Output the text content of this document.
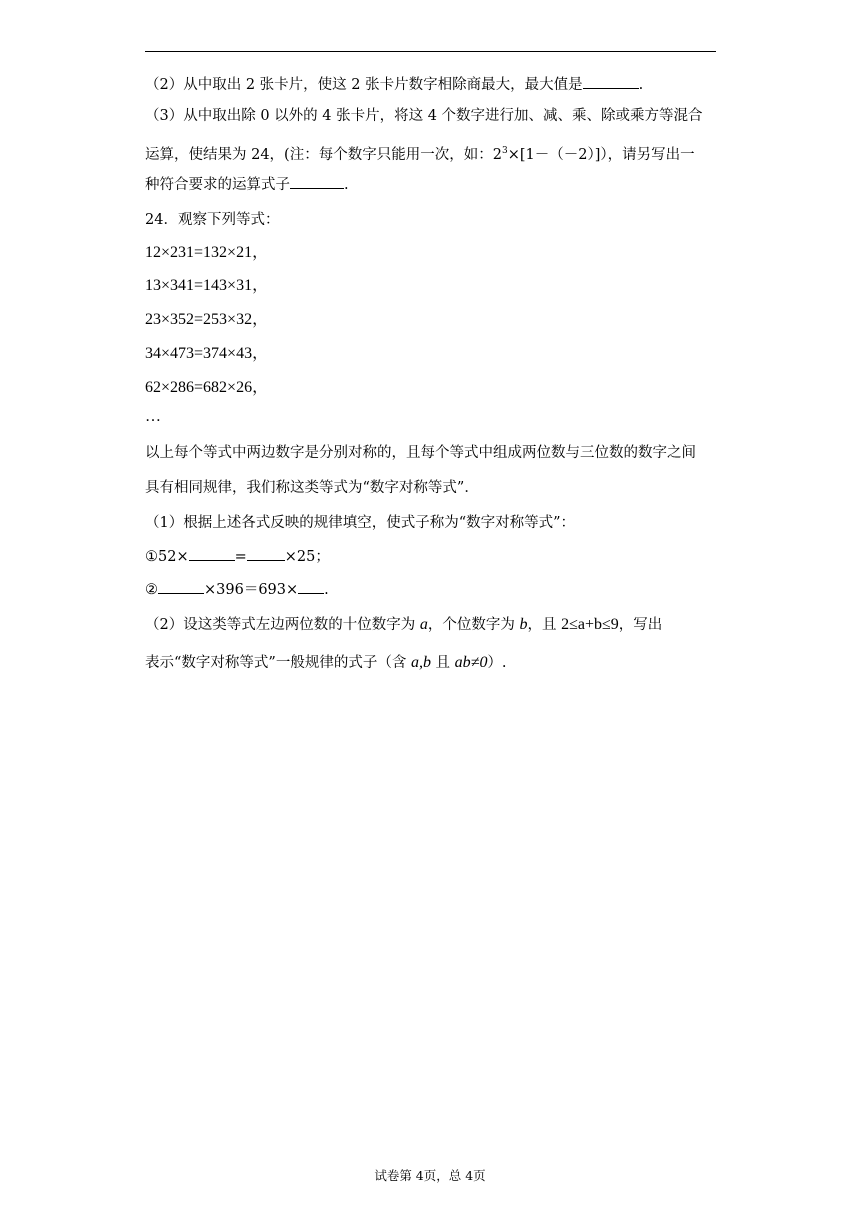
（2）从中取出 2 张卡片，使这 2 张卡片数字相除商最大，最大值是	.
（3）从中取出除 0 以外的 4 张卡片，将这 4 个数字进行加、减、乘、除或乘方等混合
运算，使结果为 24，(注：每个数字只能用一次，如：$2^3\times[1-(-2)]$），请另写出一
种符合要求的运算式子	.
24．观察下列等式：
12×231=132×21，
13×341=143×31，
23×352=253×32，
34×473=374×43，
62×286=682×26，
…
以上每个等式中两边数字是分别对称的，且每个等式中组成两位数与三位数的数字之间
具有相同规律，我们称这类等式为“数字对称等式”．
（1）根据上述各式反映的规律填空，使式子称为“数字对称等式”：
①52×	=	×25；
②	×396＝693× .
（2）设这类等式左边两位数的十位数字为 a，个位数字为 b，且 2≤a+b≤9，写出
表示“数字对称等式”一般规律的式子（含 a,b 且 ab≠0）.
试卷第 4页，总 4页
